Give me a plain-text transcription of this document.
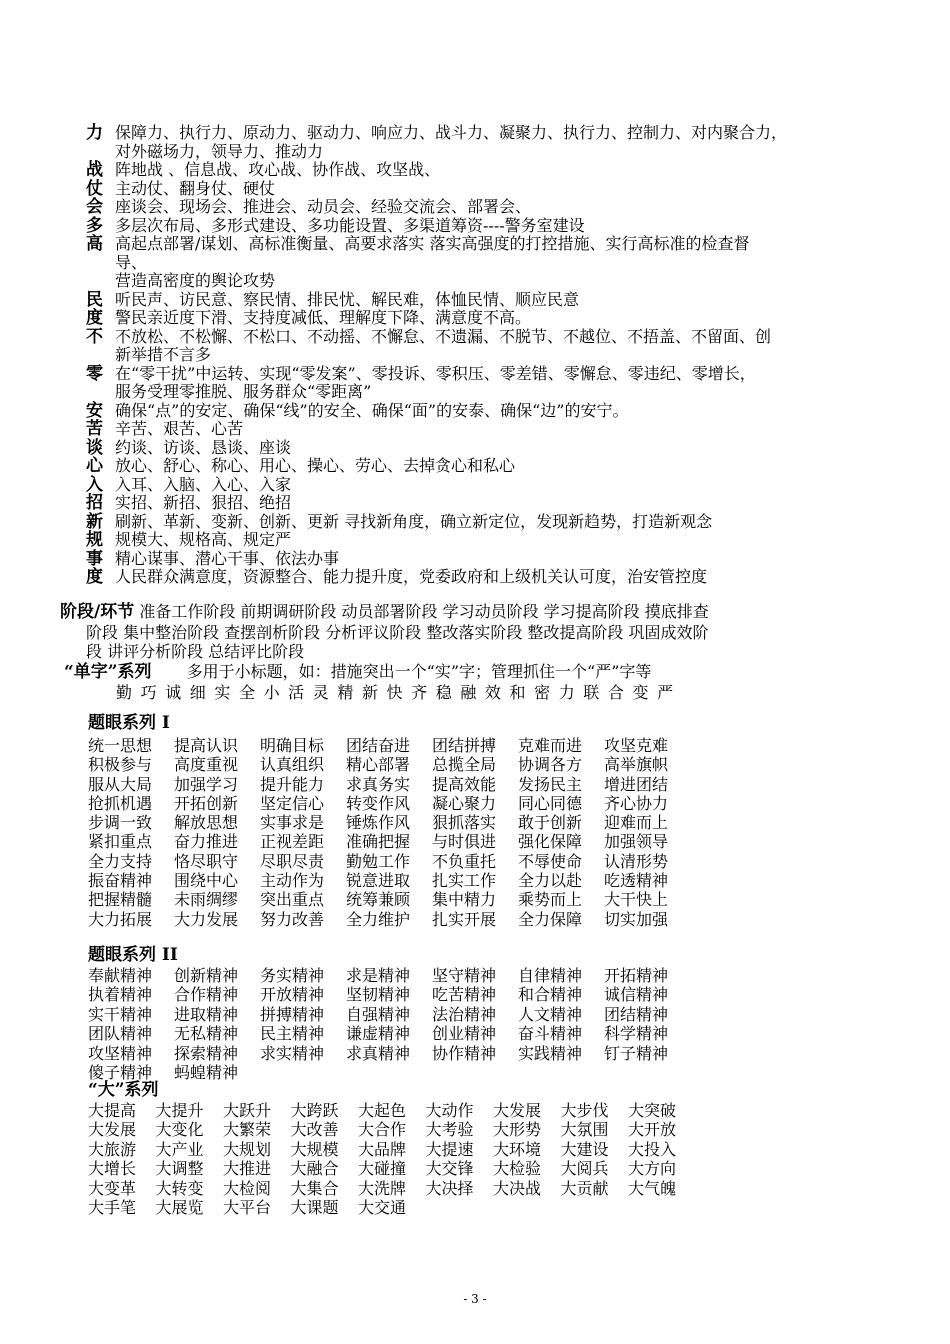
力 保障力、执行力、原动力、驱动力、响应力、战斗力、凝聚力、执行力、控制力、对内聚合力，
对外磁场力，领导力、推动力
战 阵地战 、信息战、攻心战、协作战、攻坚战、
仗 主动仗、翻身仗、硬仗
会 座谈会、现场会、推进会、动员会、经验交流会、部署会、
多 多层次布局、多形式建设、多功能设置、多渠道筹资----警务室建设
高 高起点部署/谋划、高标准衡量、高要求落实 落实高强度的打控措施、实行高标准的检查督
导、
营造高密度的舆论攻势
民 听民声、访民意、察民情、排民忧、解民难，体恤民情、顺应民意
度 警民亲近度下滑、支持度减低、理解度下降、满意度不高。
不 不放松、不松懈、不松口、不动摇、不懈怠、不遗漏、不脱节、不越位、不捂盖、不留面、创
新举措不言多
零 在“零干扰”中运转、实现“零发案”、零投诉、零积压、零差错、零懈怠、零违纪、零增长，
服务受理零推脱、服务群众“零距离”
安 确保“点”的安定、确保“线”的安全、确保“面”的安泰、确保“边”的安宁。
苦 辛苦、艰苦、心苦
谈 约谈、访谈、恳谈、座谈
心 放心、舒心、称心、用心、操心、劳心、去掉贪心和私心
入 入耳、入脑、入心、入家
招 实招、新招、狠招、绝招
新 刷新、革新、变新、创新、更新 寻找新角度，确立新定位，发现新趋势，打造新观念
规 规模大、规格高、规定严
事 精心谋事、潜心干事、依法办事
度 人民群众满意度，资源整合、能力提升度，党委政府和上级机关认可度，治安管控度
阶段/环节 准备工作阶段 前期调研阶段 动员部署阶段 学习动员阶段 学习提高阶段 摸底排查
阶段 集中整治阶段 查摆剖析阶段 分析评议阶段 整改落实阶段 整改提高阶段 巩固成效阶
段 讲评分析阶段 总结评比阶段
“单字”系列 多用于小标题，如：措施突出一个“实”字；管理抓住一个“严”字等
勤 巧 诚 细 实 全 小 活 灵 精 新 快 齐 稳 融 效 和 密 力 联 合 变 严
题眼系列 I
统一思想	提高认识	明确目标	团结奋进	团结拼搏	克难而进	攻坚克难
积极参与	高度重视	认真组织	精心部署	总揽全局	协调各方	高举旗帜
服从大局	加强学习	提升能力	求真务实	提高效能	发扬民主	增进团结
抢抓机遇	开拓创新	坚定信心	转变作风	凝心聚力	同心同德	齐心协力
步调一致	解放思想	实事求是	锤炼作风	狠抓落实	敢于创新	迎难而上
紧扣重点	奋力推进	正视差距	准确把握	与时俱进	强化保障	加强领导
全力支持	恪尽职守	尽职尽责	勤勉工作	不负重托	不辱使命	认清形势
振奋精神	围绕中心	主动作为	锐意进取	扎实工作	全力以赴	吃透精神
把握精髓	未雨绸缪	突出重点	统筹兼顾	集中精力	乘势而上	大干快上
大力拓展	大力发展	努力改善	全力维护	扎实开展	全力保障	切实加强
题眼系列 II
奉献精神	创新精神	务实精神	求是精神	坚守精神	自律精神	开拓精神
执着精神	合作精神	开放精神	坚韧精神	吃苦精神	和合精神	诚信精神
实干精神	进取精神	拼搏精神	自强精神	法治精神	人文精神	团结精神
团队精神	无私精神	民主精神	谦虚精神	创业精神	奋斗精神	科学精神
攻坚精神	探索精神	求实精神	求真精神	协作精神	实践精神	钉子精神
傻子精神	蚂蝗精神
“大”系列
大提高	大提升	大跃升	大跨跃	大起色	大动作	大发展	大步伐	大突破
大发展	大变化	大繁荣	大改善	大合作	大考验	大形势	大氛围	大开放
大旅游	大产业	大规划	大规模	大品牌	大提速	大环境	大建设	大投入
大增长	大调整	大推进	大融合	大碰撞	大交锋	大检验	大阅兵	大方向
大变革	大转变	大检阅	大集合	大洗牌	大决择	大决战	大贡献	大气魄
大手笔	大展览	大平台	大课题	大交通
- 3 -
